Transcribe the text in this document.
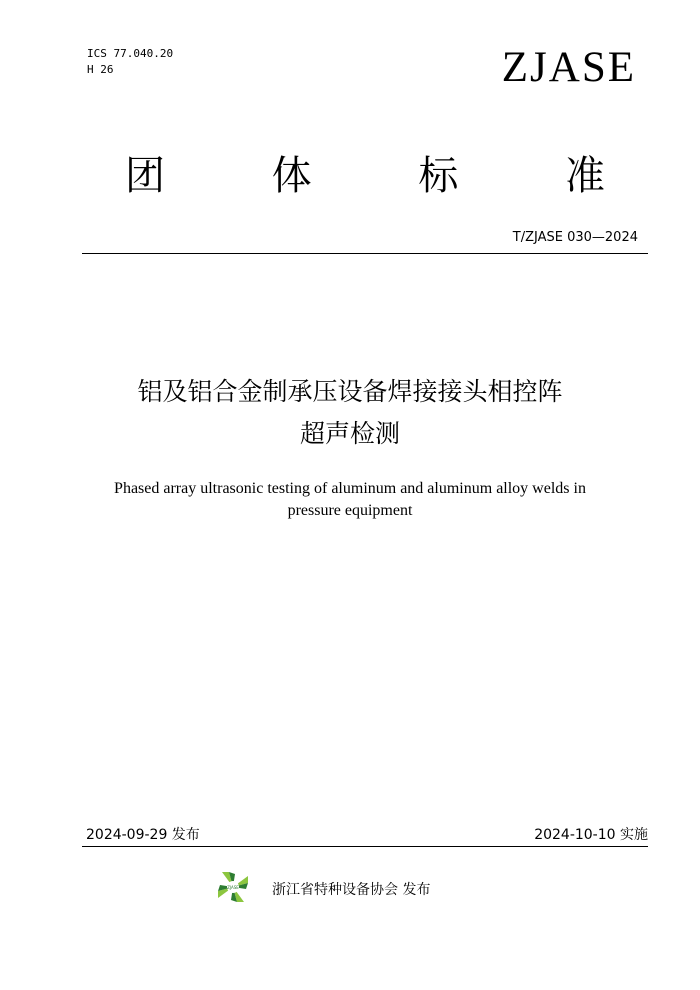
ICS 77.040.20
H 26	ZJASE
团	体	标	准
T/ZJASE 030—2024
铝及铝合金制承压设备焊接接头相控阵
超声检测
Phased array ultrasonic testing of aluminum and aluminum alloy welds in
pressure equipment
2024-09-29 发布	2024-10-10 实施
ZJASE 浙江省特种设备协会 发布
